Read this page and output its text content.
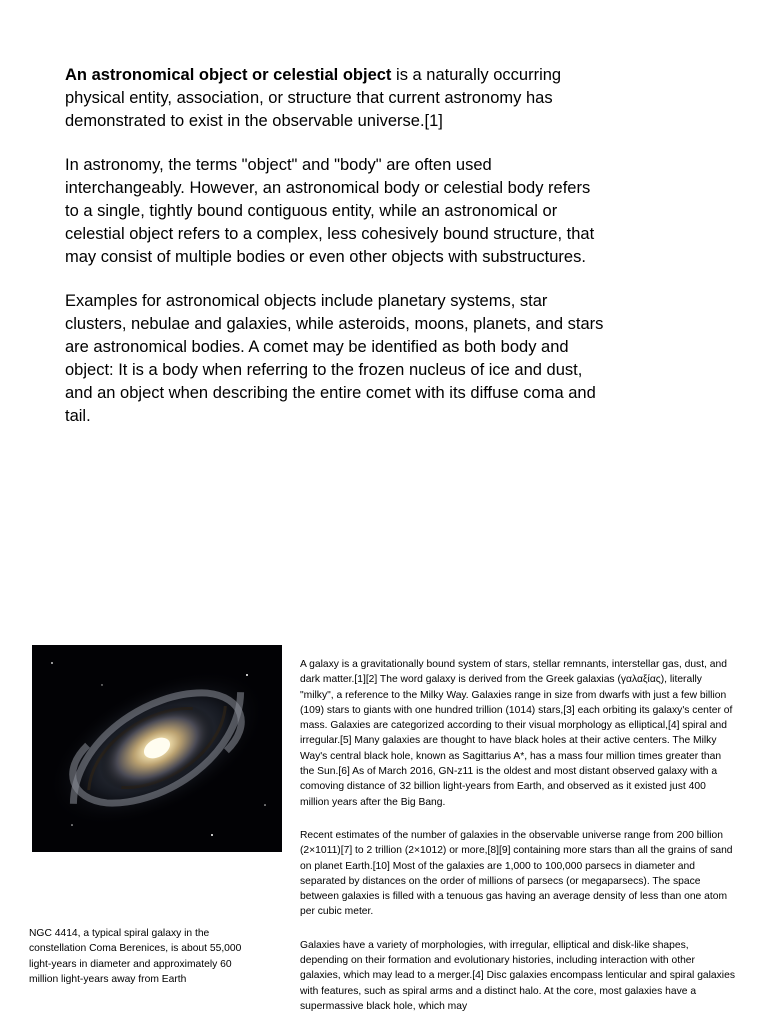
An astronomical object or celestial object is a naturally occurring physical entity, association, or structure that current astronomy has demonstrated to exist in the observable universe.[1]

In astronomy, the terms "object" and "body" are often used interchangeably. However, an astronomical body or celestial body refers to a single, tightly bound contiguous entity, while an astronomical or celestial object refers to a complex, less cohesively bound structure, that may consist of multiple bodies or even other objects with substructures.

Examples for astronomical objects include planetary systems, star clusters, nebulae and galaxies, while asteroids, moons, planets, and stars are astronomical bodies. A comet may be identified as both body and object: It is a body when referring to the frozen nucleus of ice and dust, and an object when describing the entire comet with its diffuse coma and tail.

NGC 4414, a typical spiral galaxy in the constellation Coma Berenices, is about 55,000 light-years in diameter and approximately 60 million light-years away from Earth

A galaxy is a gravitationally bound system of stars, stellar remnants, interstellar gas, dust, and dark matter.[1][2] The word galaxy is derived from the Greek galaxias (γαλαξίας), literally "milky", a reference to the Milky Way. Galaxies range in size from dwarfs with just a few billion (109) stars to giants with one hundred trillion (1014) stars,[3] each orbiting its galaxy's center of mass. Galaxies are categorized according to their visual morphology as elliptical,[4] spiral and irregular.[5] Many galaxies are thought to have black holes at their active centers. The Milky Way's central black hole, known as Sagittarius A*, has a mass four million times greater than the Sun.[6] As of March 2016, GN-z11 is the oldest and most distant observed galaxy with a comoving distance of 32 billion light-years from Earth, and observed as it existed just 400 million years after the Big Bang.

Recent estimates of the number of galaxies in the observable universe range from 200 billion (2×1011)[7] to 2 trillion (2×1012) or more,[8][9] containing more stars than all the grains of sand on planet Earth.[10] Most of the galaxies are 1,000 to 100,000 parsecs in diameter and separated by distances on the order of millions of parsecs (or megaparsecs). The space between galaxies is filled with a tenuous gas having an average density of less than one atom per cubic meter.

Galaxies have a variety of morphologies, with irregular, elliptical and disk-like shapes, depending on their formation and evolutionary histories, including interaction with other galaxies, which may lead to a merger.[4] Disc galaxies encompass lenticular and spiral galaxies with features, such as spiral arms and a distinct halo. At the core, most galaxies have a supermassive black hole, which may
